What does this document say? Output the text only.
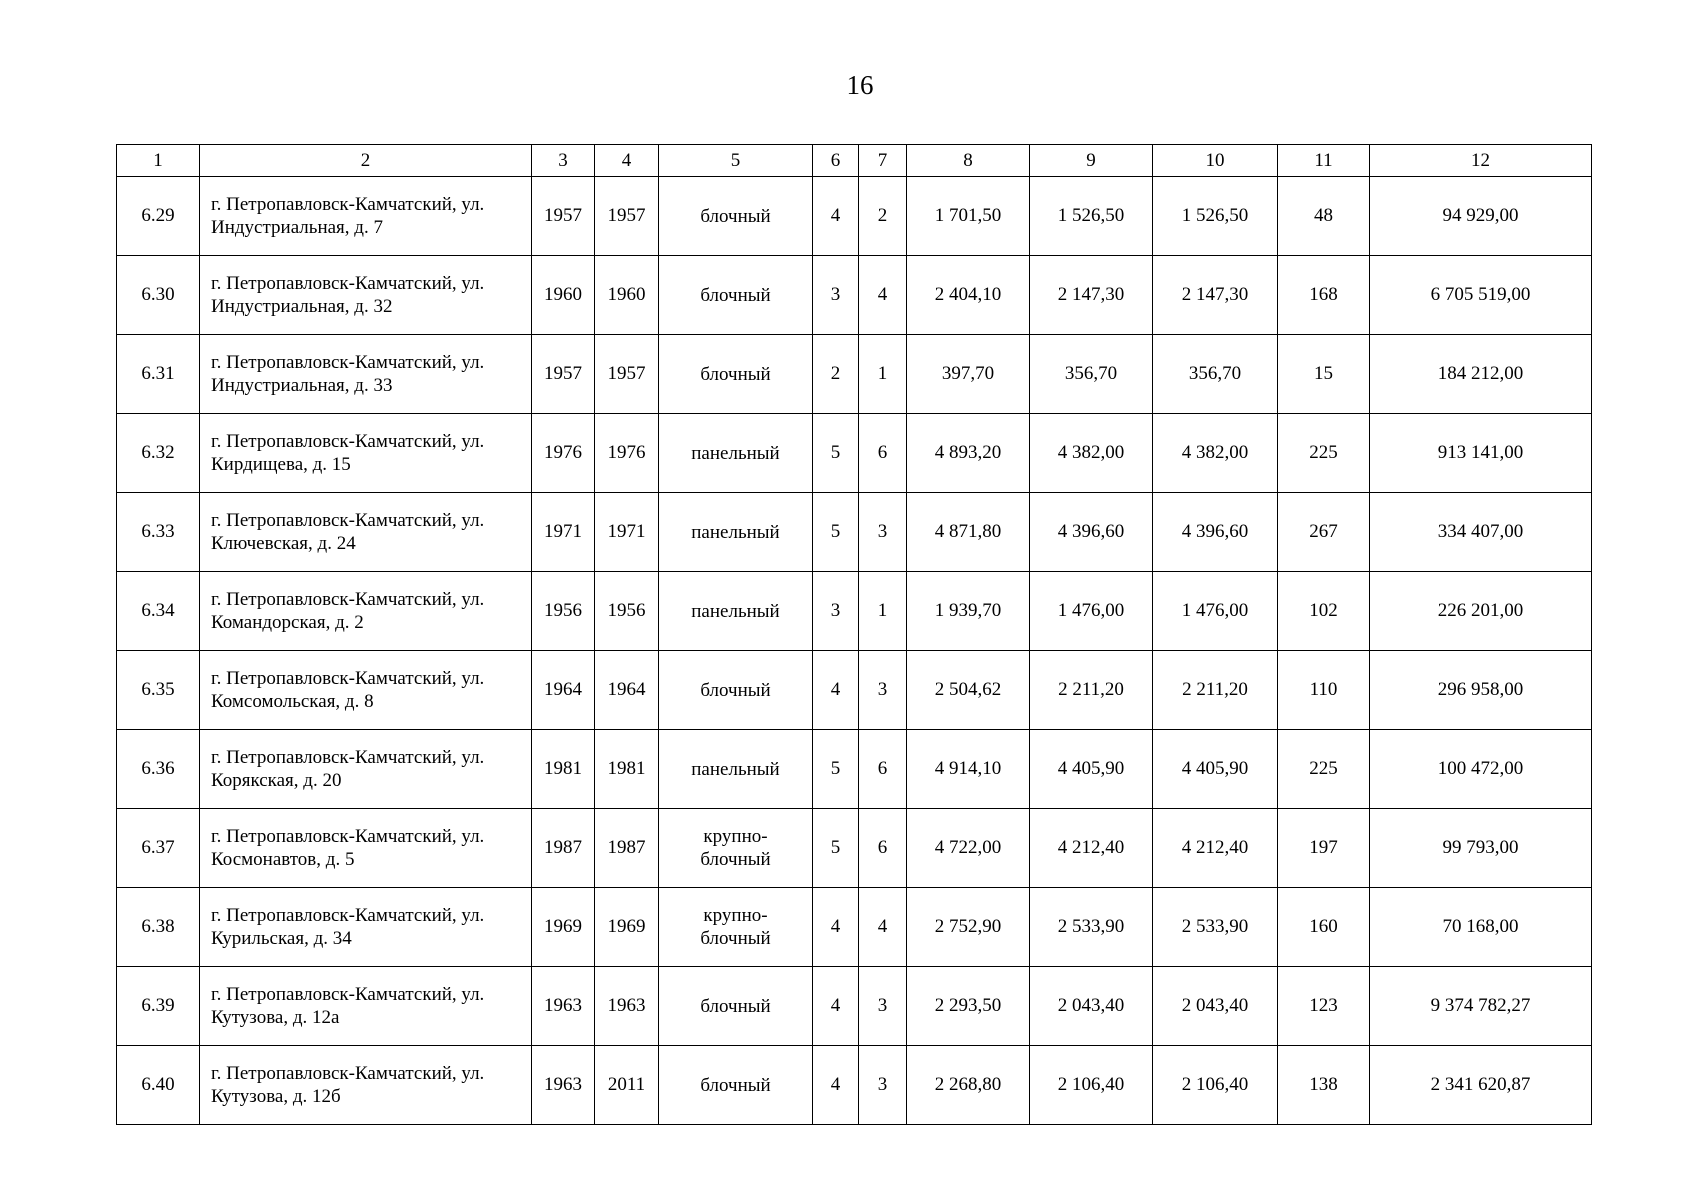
16
1	2	3	4	5	6	7	8	9	10	11	12
6.29	г. Петропавловск-Камчатский, ул.
Индустриальная, д. 7	1957	1957	блочный	4	2	1 701,50	1 526,50	1 526,50	48	94 929,00
6.30	г. Петропавловск-Камчатский, ул.
Индустриальная, д. 32	1960	1960	блочный	3	4	2 404,10	2 147,30	2 147,30	168	6 705 519,00
6.31	г. Петропавловск-Камчатский, ул.
Индустриальная, д. 33	1957	1957	блочный	2	1	397,70	356,70	356,70	15	184 212,00
6.32	г. Петропавловск-Камчатский, ул.
Кирдищева, д. 15	1976	1976	панельный	5	6	4 893,20	4 382,00	4 382,00	225	913 141,00
6.33	г. Петропавловск-Камчатский, ул.
Ключевская, д. 24	1971	1971	панельный	5	3	4 871,80	4 396,60	4 396,60	267	334 407,00
6.34	г. Петропавловск-Камчатский, ул.
Командорская, д. 2	1956	1956	панельный	3	1	1 939,70	1 476,00	1 476,00	102	226 201,00
6.35	г. Петропавловск-Камчатский, ул.
Комсомольская, д. 8	1964	1964	блочный	4	3	2 504,62	2 211,20	2 211,20	110	296 958,00
6.36	г. Петропавловск-Камчатский, ул.
Корякская, д. 20	1981	1981	панельный	5	6	4 914,10	4 405,90	4 405,90	225	100 472,00
6.37	г. Петропавловск-Камчатский, ул.
Космонавтов, д. 5	1987	1987	крупно-
блочный	5	6	4 722,00	4 212,40	4 212,40	197	99 793,00
6.38	г. Петропавловск-Камчатский, ул.
Курильская, д. 34	1969	1969	крупно-
блочный	4	4	2 752,90	2 533,90	2 533,90	160	70 168,00
6.39	г. Петропавловск-Камчатский, ул.
Кутузова, д. 12а	1963	1963	блочный	4	3	2 293,50	2 043,40	2 043,40	123	9 374 782,27
6.40	г. Петропавловск-Камчатский, ул.
Кутузова, д. 12б	1963	2011	блочный	4	3	2 268,80	2 106,40	2 106,40	138	2 341 620,87
